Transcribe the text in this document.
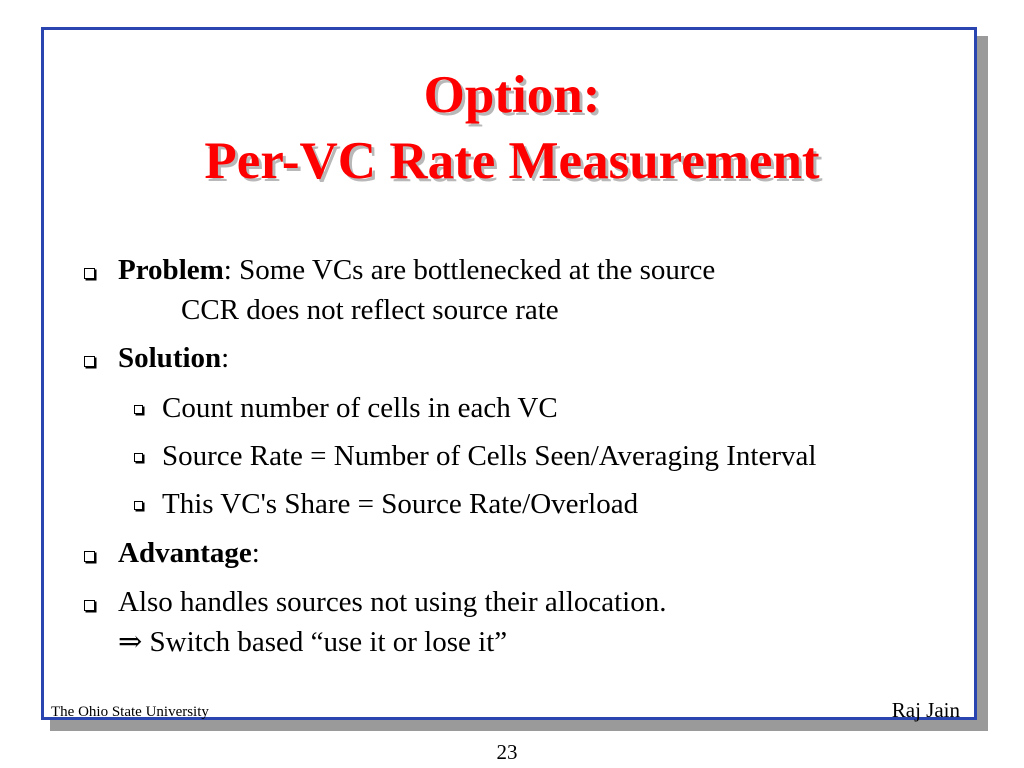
Option:
Per-VC Rate Measurement
Problem: Some VCs are bottlenecked at the source
CCR does not reflect source rate
Solution:
Count number of cells in each VC
Source Rate = Number of Cells Seen/Averaging Interval
This VC's Share = Source Rate/Overload
Advantage:
Also handles sources not using their allocation.
⇒ Switch based “use it or lose it”
The Ohio State University	Raj Jain
23
